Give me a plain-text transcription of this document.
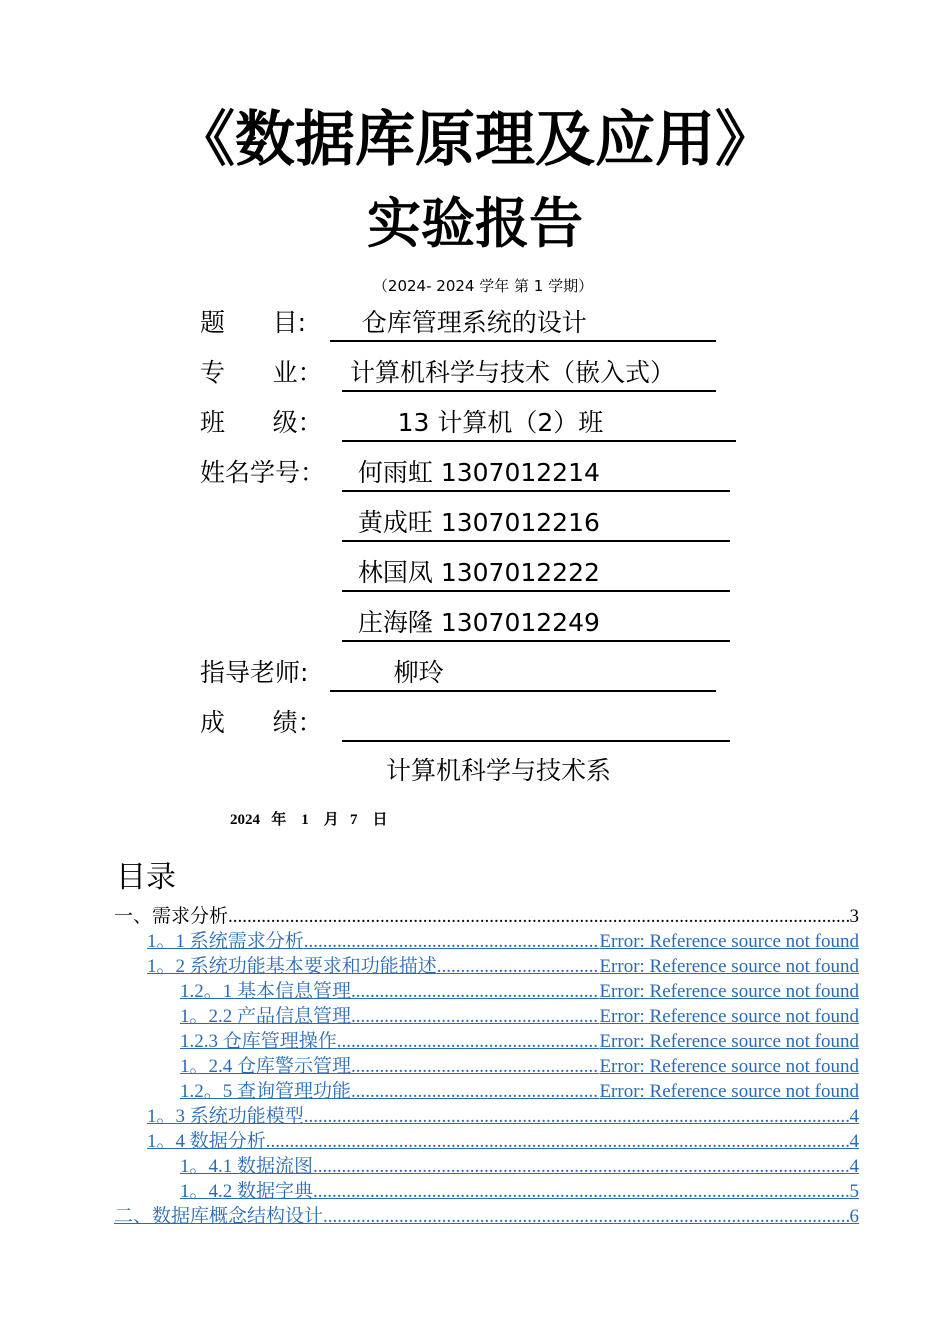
《数据库原理及应用》
实验报告
（2024- 2024 学年 第 1 学期）
题      目: 仓库管理系统的设计
专      业： 计算机科学与技术（嵌入式）
班      级： 13 计算机（2）班
姓名学号： 何雨虹 1307012214
黄成旺 1307012216
林国凤 1307012222
庄海隆 1307012249
指导老师: 柳玲
成      绩：

计算机科学与技术系
2024   年    1    月   7    日
目录
一、需求分析 .....	3
1。1 系统需求分析 .....	Error: Reference source not found
1。2 系统功能基本要求和功能描述 .....	Error: Reference source not found
1.2。1 基本信息管理 .....	Error: Reference source not found
1。2.2 产品信息管理 .....	Error: Reference source not found
1.2.3 仓库管理操作 .....	Error: Reference source not found
1。2.4 仓库警示管理 .....	Error: Reference source not found
1.2。5 查询管理功能 .....	Error: Reference source not found
1。3 系统功能模型 .....	4
1。4 数据分析 .....	4
1。4.1 数据流图 .....	4
1。4.2 数据字典 .....	5
二、数据库概念结构设计 .....	6
